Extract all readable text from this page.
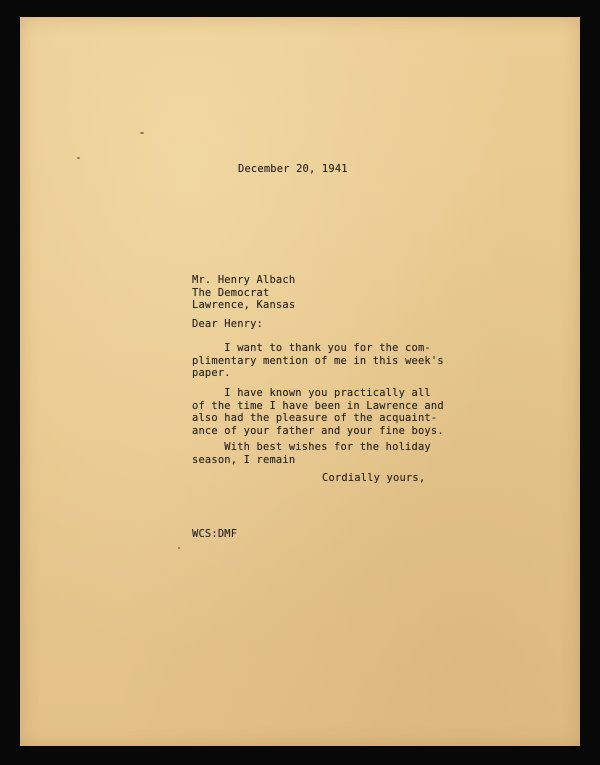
December 20, 1941
Mr. Henry Albach
The Democrat
Lawrence, Kansas
Dear Henry:
I want to thank you for the com-
plimentary mention of me in this week's
paper.
I have known you practically all
of the time I have been in Lawrence and
also had the pleasure of the acquaint-
ance of your father and your fine boys.
With best wishes for the holiday
season, I remain
Cordially yours,
WCS:DMF
